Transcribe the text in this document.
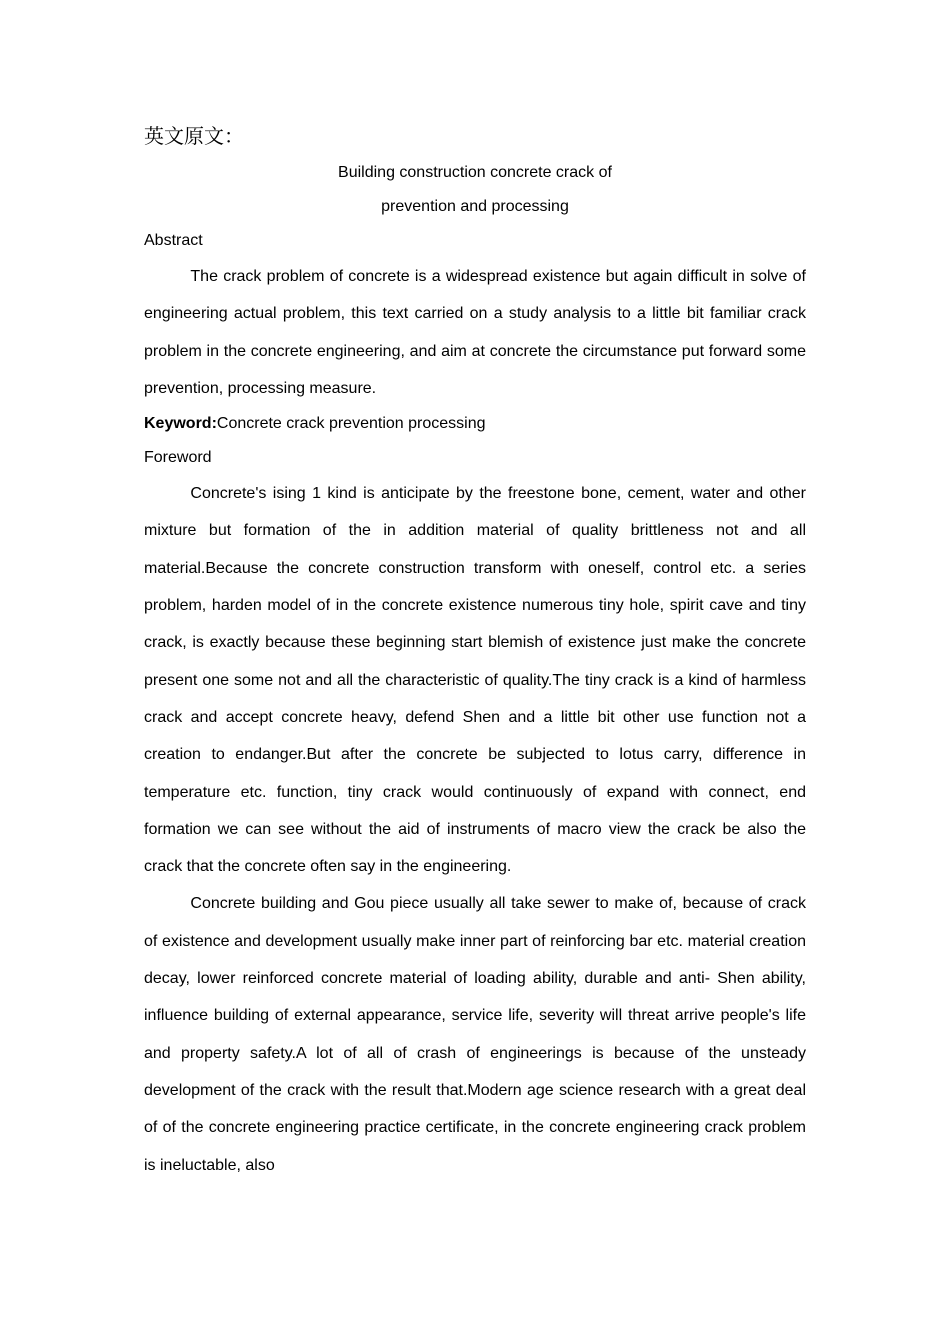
英文原文：
Building construction concrete crack of
prevention and processing
Abstract

The crack problem of concrete is a widespread existence but again difficult in solve of engineering actual problem, this text carried on a study analysis to a little bit familiar crack problem in the concrete engineering, and aim at concrete the circumstance put forward some prevention, processing measure.

Keyword:Concrete crack prevention processing
Foreword

Concrete's ising 1 kind is anticipate by the freestone bone, cement, water and other mixture but formation of the in addition material of quality brittleness not and all material.Because the concrete construction transform with oneself, control etc. a series problem, harden model of in the concrete existence numerous tiny hole, spirit cave and tiny crack, is exactly because these beginning start blemish of existence just make the concrete present one some not and all the characteristic of quality.The tiny crack is a kind of harmless crack and accept concrete heavy, defend Shen and a little bit other use function not a creation to endanger.But after the concrete be subjected to lotus carry, difference in temperature etc. function, tiny crack would continuously of expand with connect, end formation we can see without the aid of instruments of macro view the crack be also the crack that the concrete often say in the engineering.

Concrete building and Gou piece usually all take sewer to make of, because of crack of existence and development usually make inner part of reinforcing bar etc. material creation decay, lower reinforced concrete material of loading ability, durable and anti- Shen ability, influence building of external appearance, service life, severity will threat arrive people's life and property safety.A lot of all of crash of engineerings is because of the unsteady development of the crack with the result that.Modern age science research with a great deal of of the concrete engineering practice certificate, in the concrete engineering crack problem is ineluctable, also
